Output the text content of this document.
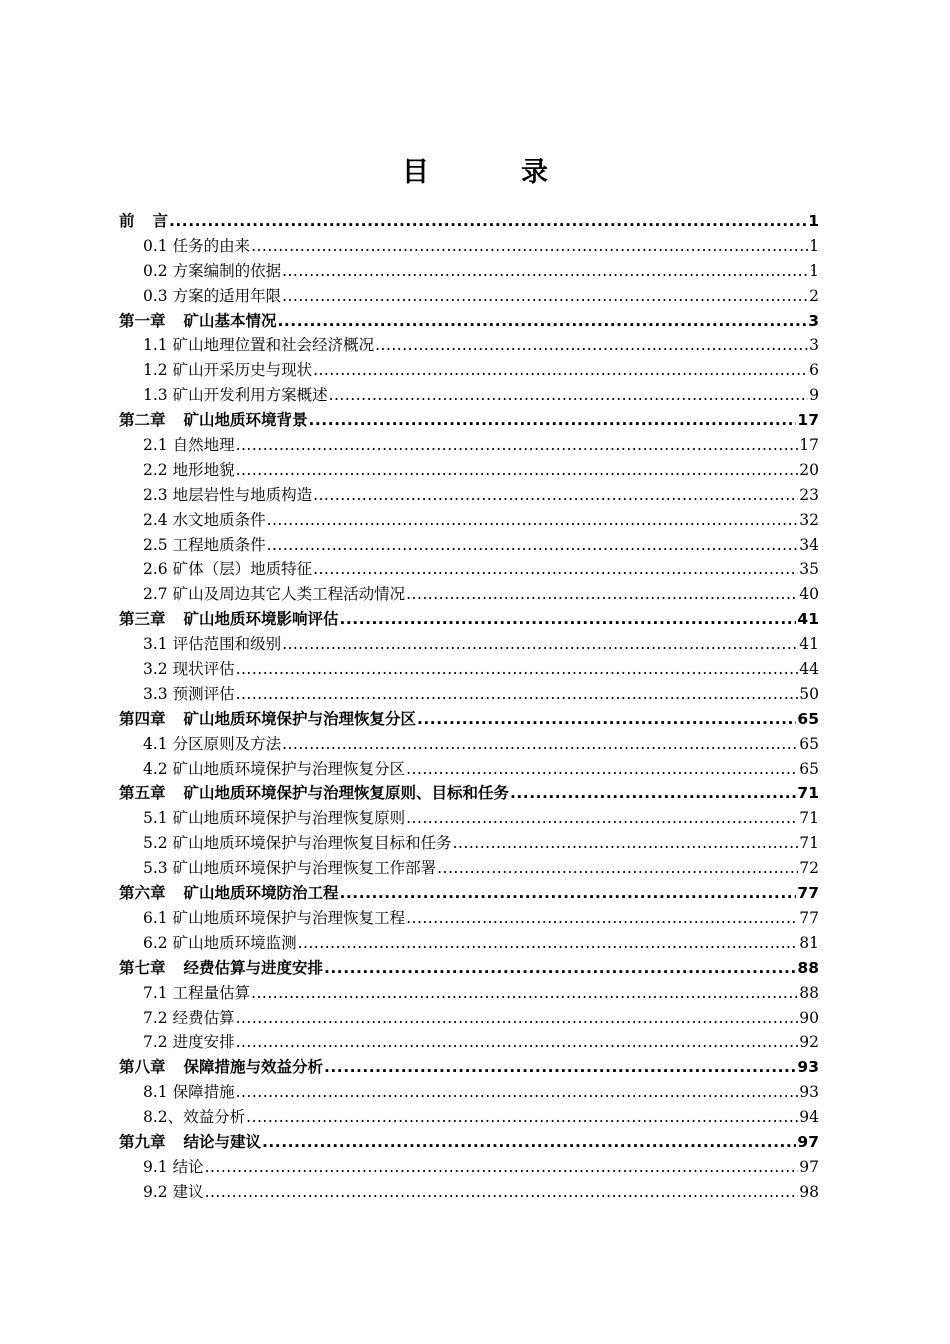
目	录
前 言 .....	1
0.1 任务的由来 .....	1
0.2 方案编制的依据 .....	1
0.3 方案的适用年限 .....	2
第一章 矿山基本情况 .....	3
1.1 矿山地理位置和社会经济概况 .....	3
1.2 矿山开采历史与现状 .....	6
1.3 矿山开发利用方案概述 .....	9
第二章 矿山地质环境背景 .....	17
2.1 自然地理 .....	17
2.2 地形地貌 .....	20
2.3 地层岩性与地质构造 .....	23
2.4 水文地质条件 .....	32
2.5 工程地质条件 .....	34
2.6 矿体（层）地质特征 .....	35
2.7 矿山及周边其它人类工程活动情况 .....	40
第三章 矿山地质环境影响评估 .....	41
3.1 评估范围和级别 .....	41
3.2 现状评估 .....	44
3.3 预测评估 .....	50
第四章 矿山地质环境保护与治理恢复分区 .....	65
4.1 分区原则及方法 .....	65
4.2 矿山地质环境保护与治理恢复分区 .....	65
第五章 矿山地质环境保护与治理恢复原则、目标和任务 .....	71
5.1 矿山地质环境保护与治理恢复原则 .....	71
5.2 矿山地质环境保护与治理恢复目标和任务 .....	71
5.3 矿山地质环境保护与治理恢复工作部署 .....	72
第六章 矿山地质环境防治工程 .....	77
6.1 矿山地质环境保护与治理恢复工程 .....	77
6.2 矿山地质环境监测 .....	81
第七章 经费估算与进度安排 .....	88
7.1 工程量估算 .....	88
7.2 经费估算 .....	90
7.2 进度安排 .....	92
第八章 保障措施与效益分析 .....	93
8.1 保障措施 .....	93
8.2、效益分析 .....	94
第九章 结论与建议 .....	97
9.1 结论 .....	97
9.2 建议 .....	98
